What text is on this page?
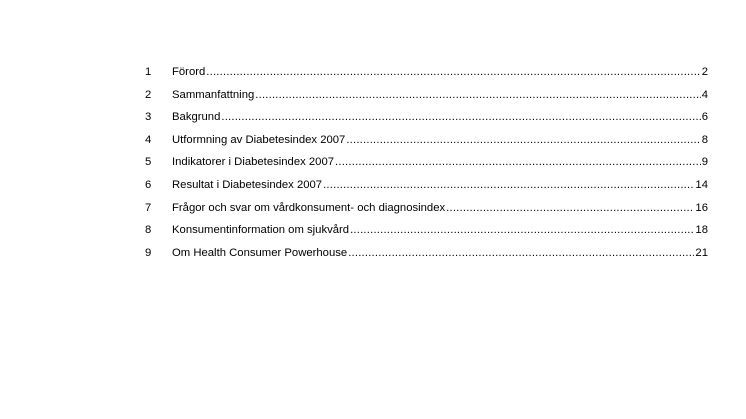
1	Förord .....	2
2	Sammanfattning .....	4
3	Bakgrund .....	6
4	Utformning av Diabetesindex 2007 .....	8
5	Indikatorer i Diabetesindex 2007 .....	9
6	Resultat i Diabetesindex 2007 .....	14
7	Frågor och svar om vårdkonsument- och diagnosindex .....	16
8	Konsumentinformation om sjukvård .....	18
9	Om Health Consumer Powerhouse .....	21
